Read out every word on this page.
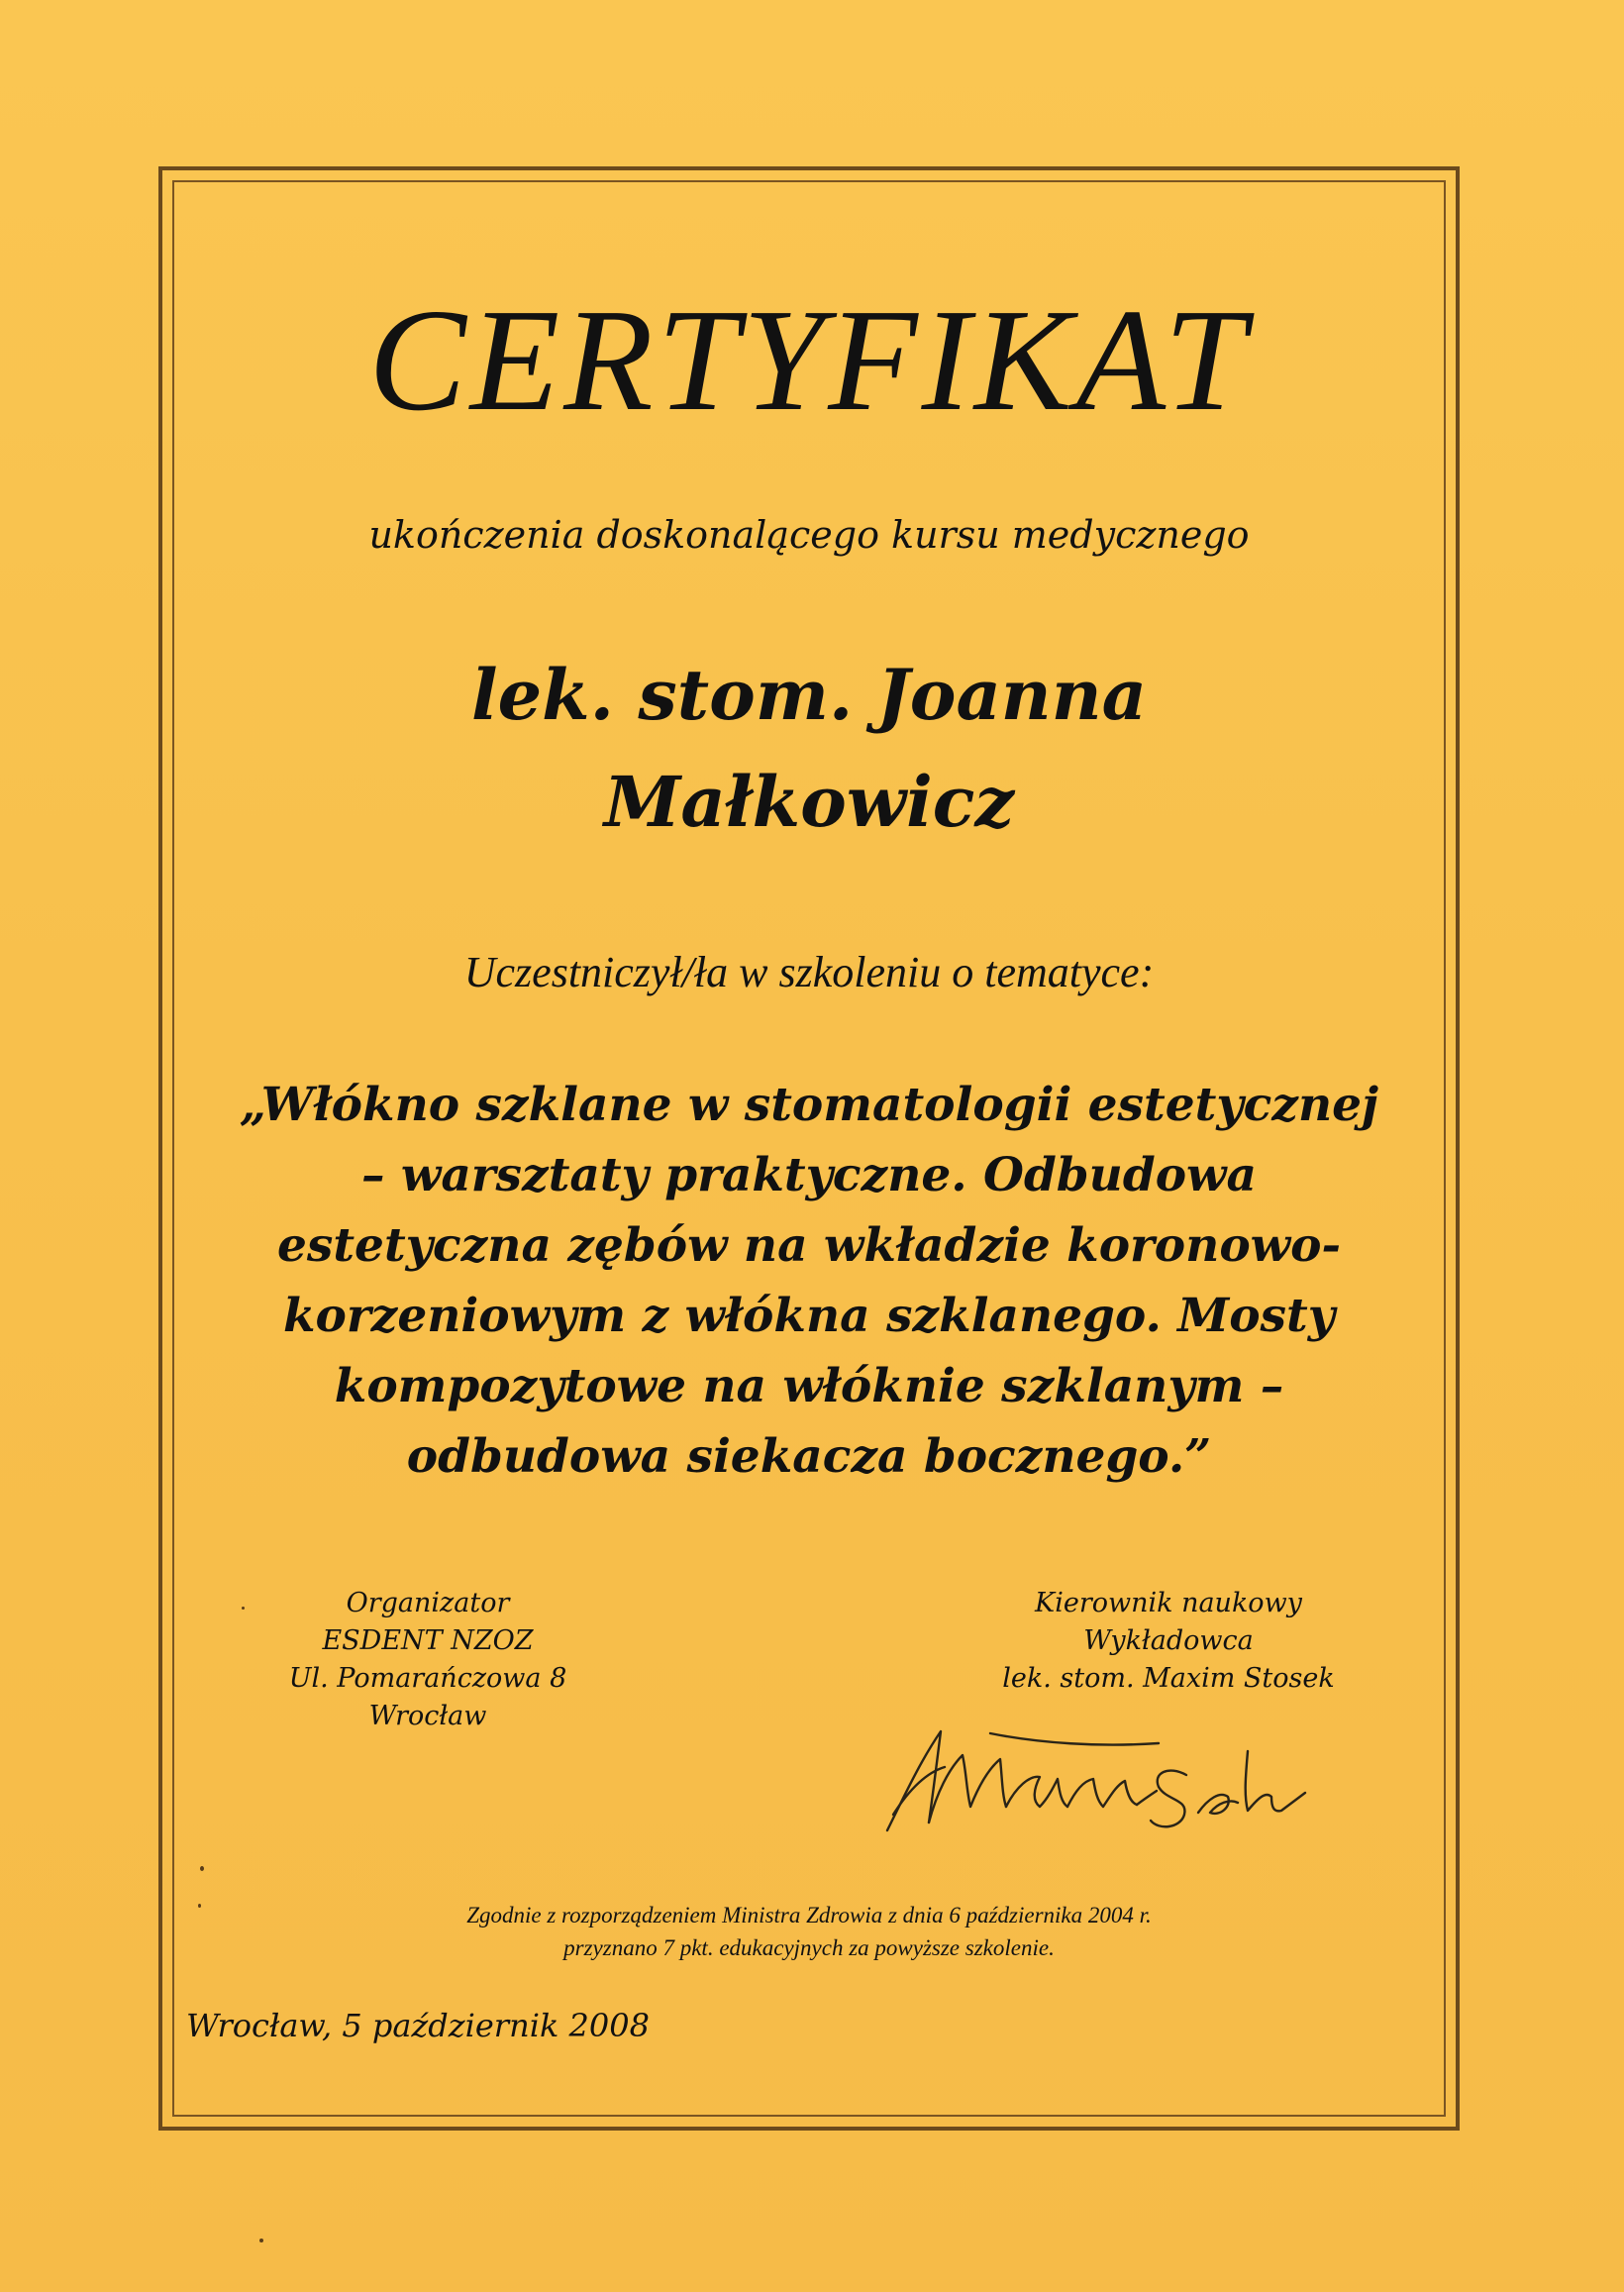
CERTYFIKAT
ukończenia doskonalącego kursu medycznego
lek. stom. Joanna
Małkowicz
Uczestniczył/ła w szkoleniu o tematyce:
„Włókno szklane w stomatologii estetycznej
– warsztaty praktyczne. Odbudowa
estetyczna zębów na wkładzie koronowo-
korzeniowym z włókna szklanego. Mosty
kompozytowe na włóknie szklanym –
odbudowa siekacza bocznego.”
Organizator
ESDENT NZOZ
Ul. Pomarańczowa 8
Wrocław
Kierownik naukowy
Wykładowca
lek. stom. Maxim Stosek
Zgodnie z rozporządzeniem Ministra Zdrowia z dnia 6 października 2004 r.
przyznano 7 pkt. edukacyjnych za powyższe szkolenie.
Wrocław, 5 październik 2008
